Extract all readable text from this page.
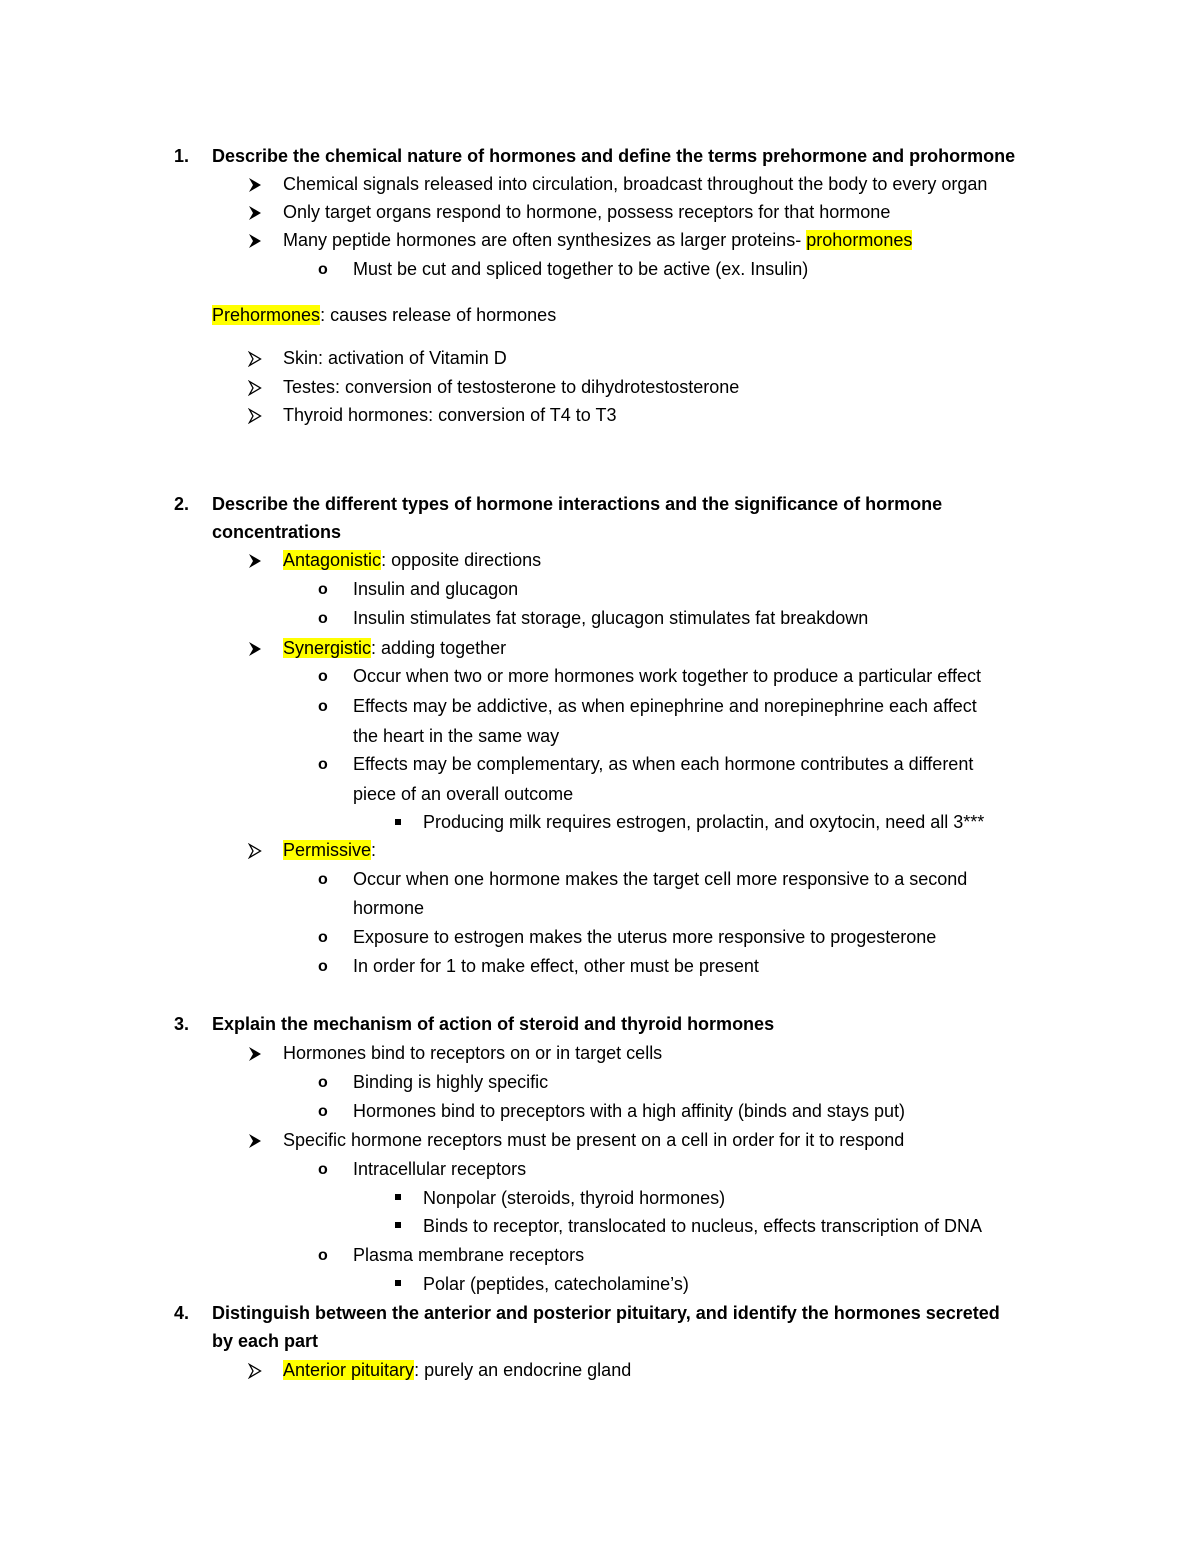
1. Describe the chemical nature of hormones and define the terms prehormone and prohormone
Chemical signals released into circulation, broadcast throughout the body to every organ
Only target organs respond to hormone, possess receptors for that hormone
Many peptide hormones are often synthesizes as larger proteins- prohormones
o Must be cut and spliced together to be active (ex. Insulin)
Prehormones: causes release of hormones
Skin: activation of Vitamin D
Testes: conversion of testosterone to dihydrotestosterone
Thyroid hormones: conversion of T4 to T3
2. Describe the different types of hormone interactions and the significance of hormone
concentrations
Antagonistic: opposite directions
o Insulin and glucagon
o Insulin stimulates fat storage, glucagon stimulates fat breakdown
Synergistic: adding together
o Occur when two or more hormones work together to produce a particular effect
o Effects may be addictive, as when epinephrine and norepinephrine each affect
the heart in the same way
o Effects may be complementary, as when each hormone contributes a different
piece of an overall outcome
Producing milk requires estrogen, prolactin, and oxytocin, need all 3***
Permissive:
o Occur when one hormone makes the target cell more responsive to a second
hormone
o Exposure to estrogen makes the uterus more responsive to progesterone
o In order for 1 to make effect, other must be present
3. Explain the mechanism of action of steroid and thyroid hormones
Hormones bind to receptors on or in target cells
o Binding is highly specific
o Hormones bind to preceptors with a high affinity (binds and stays put)
Specific hormone receptors must be present on a cell in order for it to respond
o Intracellular receptors
Nonpolar (steroids, thyroid hormones)
Binds to receptor, translocated to nucleus, effects transcription of DNA
o Plasma membrane receptors
Polar (peptides, catecholamine’s)
4. Distinguish between the anterior and posterior pituitary, and identify the hormones secreted
by each part
Anterior pituitary: purely an endocrine gland
